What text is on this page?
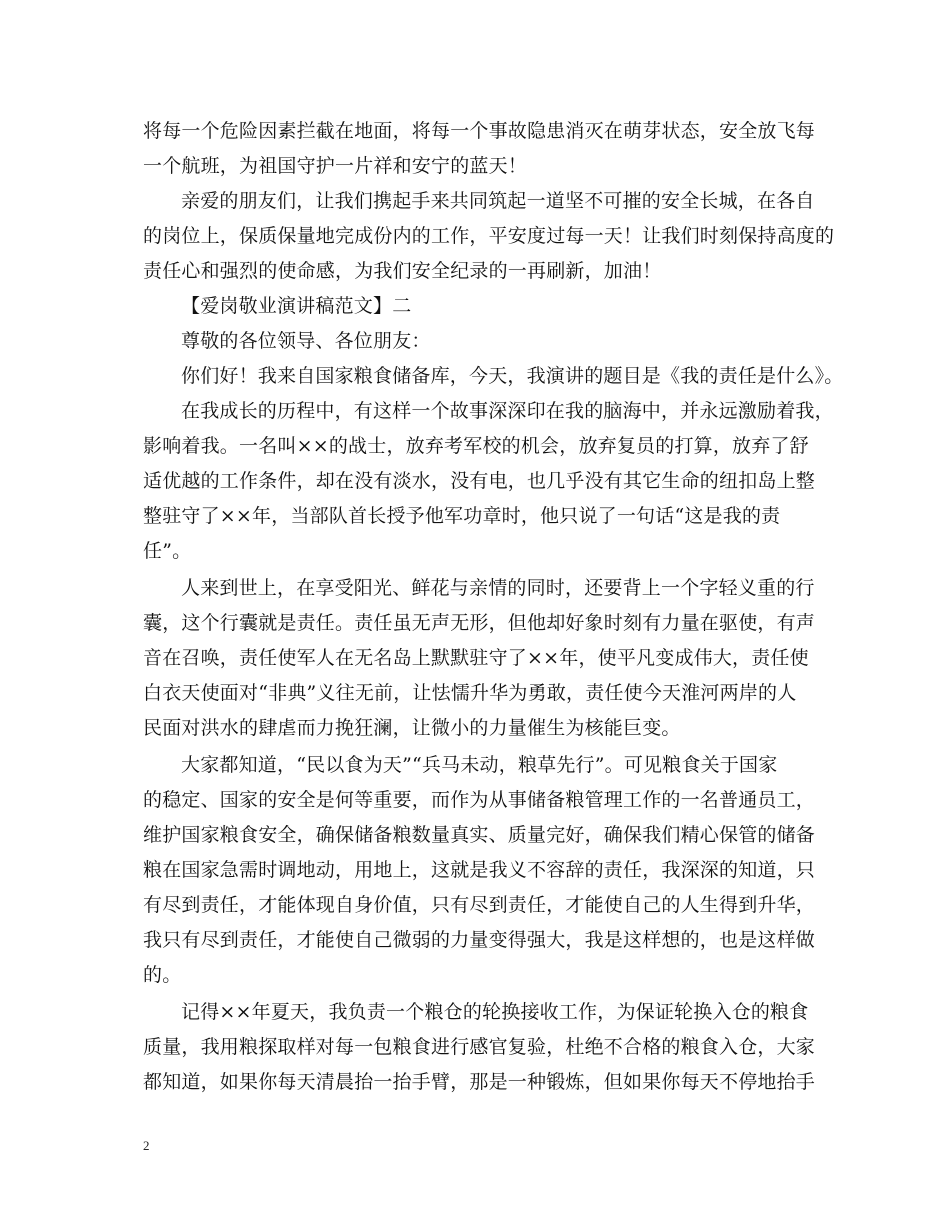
将每一个危险因素拦截在地面，将每一个事故隐患消灭在萌芽状态，安全放飞每
一个航班，为祖国守护一片祥和安宁的蓝天！
亲爱的朋友们，让我们携起手来共同筑起一道坚不可摧的安全长城，在各自
的岗位上，保质保量地完成份内的工作，平安度过每一天！让我们时刻保持高度的
责任心和强烈的使命感，为我们安全纪录的一再刷新，加油！
【爱岗敬业演讲稿范文】二
尊敬的各位领导、各位朋友：
你们好！我来自国家粮食储备库，今天，我演讲的题目是《我的责任是什么》。
在我成长的历程中，有这样一个故事深深印在我的脑海中，并永远激励着我，
影响着我。一名叫××的战士，放弃考军校的机会，放弃复员的打算，放弃了舒
适优越的工作条件，却在没有淡水，没有电，也几乎没有其它生命的纽扣岛上整
整驻守了××年，当部队首长授予他军功章时，他只说了一句话“这是我的责
任”。
人来到世上，在享受阳光、鲜花与亲情的同时，还要背上一个字轻义重的行
囊，这个行囊就是责任。责任虽无声无形，但他却好象时刻有力量在驱使，有声
音在召唤，责任使军人在无名岛上默默驻守了××年，使平凡变成伟大，责任使
白衣天使面对“非典”义往无前，让怯懦升华为勇敢，责任使今天淮河两岸的人
民面对洪水的肆虐而力挽狂澜，让微小的力量催生为核能巨变。
大家都知道，“民以食为天”“兵马未动，粮草先行”。可见粮食关于国家
的稳定、国家的安全是何等重要，而作为从事储备粮管理工作的一名普通员工，
维护国家粮食安全，确保储备粮数量真实、质量完好，确保我们精心保管的储备
粮在国家急需时调地动，用地上，这就是我义不容辞的责任，我深深的知道，只
有尽到责任，才能体现自身价值，只有尽到责任，才能使自己的人生得到升华，
我只有尽到责任，才能使自己微弱的力量变得强大，我是这样想的，也是这样做
的。
记得××年夏天，我负责一个粮仓的轮换接收工作，为保证轮换入仓的粮食
质量，我用粮探取样对每一包粮食进行感官复验，杜绝不合格的粮食入仓，大家
都知道，如果你每天清晨抬一抬手臂，那是一种锻炼，但如果你每天不停地抬手
2
